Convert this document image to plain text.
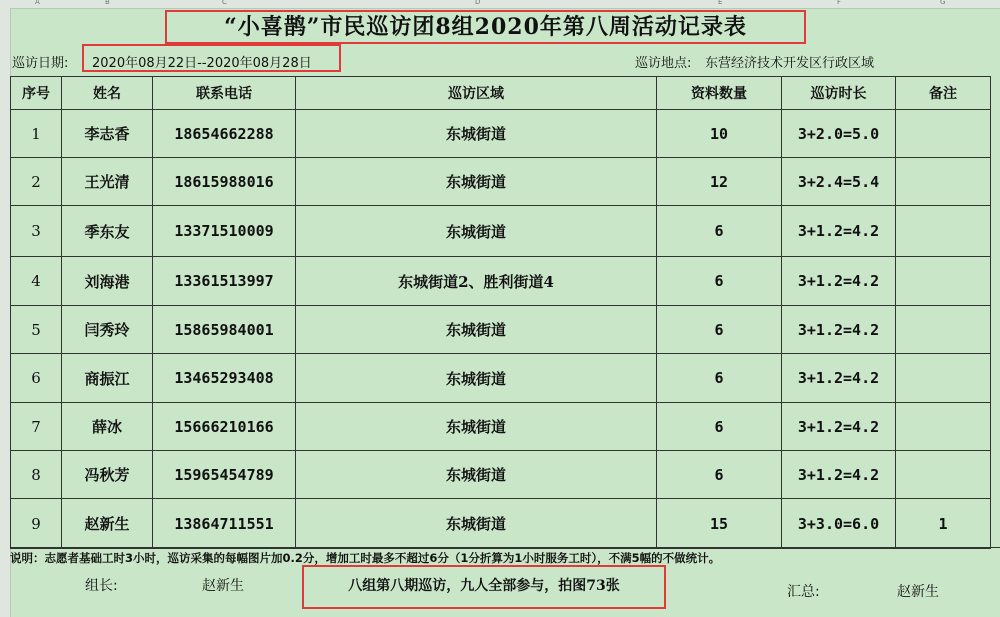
A	B	C	D	E	F	G
“小喜鹊”市民巡访团8组2020年第八周活动记录表
巡访日期: 2020年08月22日--2020年08月28日	巡访地点: 东营经济技术开发区行政区域
序号	姓名	联系电话	巡访区域	资料数量	巡访时长	备注
1	李志香	18654662288	东城街道	10	3+2.0=5.0	
2	王光清	18615988016	东城街道	12	3+2.4=5.4	
3	季东友	13371510009	东城街道	6	3+1.2=4.2	
4	刘海港	13361513997	东城街道2、胜利街道4	6	3+1.2=4.2	
5	闫秀玲	15865984001	东城街道	6	3+1.2=4.2	
6	商振江	13465293408	东城街道	6	3+1.2=4.2	
7	薛冰	15666210166	东城街道	6	3+1.2=4.2	
8	冯秋芳	15965454789	东城街道	6	3+1.2=4.2	
9	赵新生	13864711551	东城街道	15	3+3.0=6.0	1
说明：志愿者基础工时3小时，巡访采集的每幅图片加0.2分，增加工时最多不超过6分（1分折算为1小时服务工时），不满5幅的不做统计。
组长:	赵新生	八组第八期巡访，九人全部参与，拍图73张	汇总:	赵新生
